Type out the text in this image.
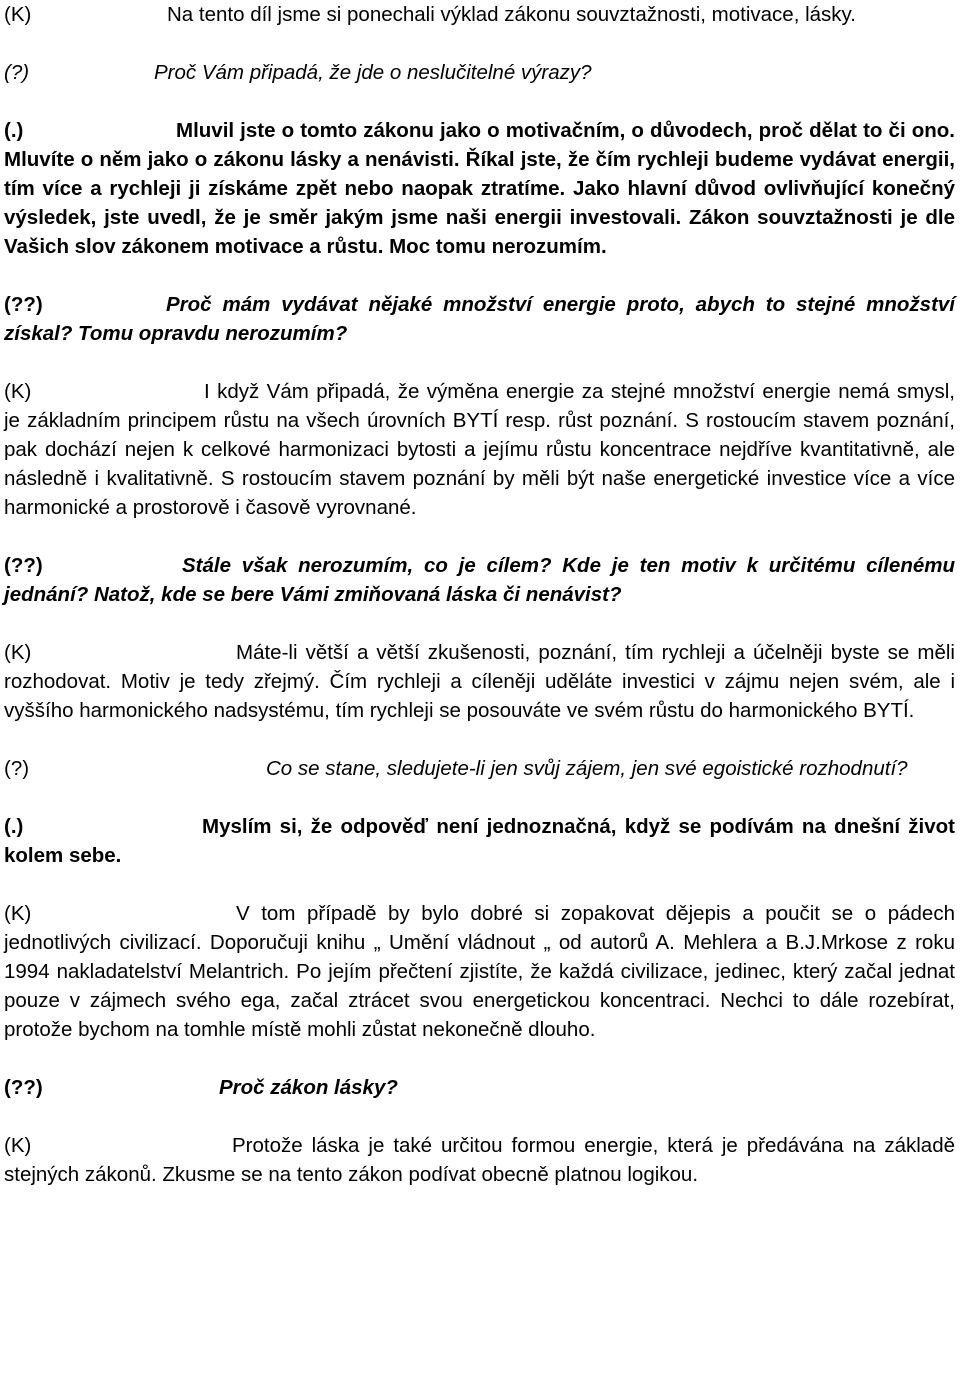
(K)	Na tento díl jsme si ponechali výklad zákonu souvztažnosti, motivace, lásky.

(?)	Proč Vám připadá, že jde o neslučitelné výrazy?

(.)	Mluvil jste o tomto zákonu jako o motivačním, o důvodech, proč dělat to či ono. Mluvíte o něm jako o zákonu lásky a nenávisti. Říkal jste, že čím rychleji budeme vydávat energii, tím více a rychleji ji získáme zpět nebo naopak ztratíme. Jako hlavní důvod ovlivňující konečný výsledek, jste uvedl, že je směr jakým jsme naši energii investovali. Zákon souvztažnosti je dle Vašich slov zákonem motivace a růstu. Moc tomu nerozumím.

(??)	Proč mám vydávat nějaké množství energie proto, abych to stejné množství získal? Tomu opravdu nerozumím?

(K)	I když Vám připadá, že výměna energie za stejné množství energie nemá smysl, je základním principem růstu na všech úrovních BYTÍ resp. růst poznání. S rostoucím stavem poznání, pak dochází nejen k celkové harmonizaci bytosti a jejímu růstu koncentrace nejdříve kvantitativně, ale následně i kvalitativně. S rostoucím stavem poznání by měli být naše energetické investice více a více harmonické a prostorově i časově vyrovnané.

(??)	Stále však nerozumím, co je cílem? Kde je ten motiv k určitému cílenému jednání? Natož, kde se bere Vámi zmiňovaná láska či nenávist?

(K)	Máte-li větší a větší zkušenosti, poznání, tím rychleji a účelněji byste se měli rozhodovat. Motiv je tedy zřejmý. Čím rychleji a cíleněji uděláte investici v zájmu nejen svém, ale i vyššího harmonického nadsystému, tím rychleji se posouváte ve svém růstu do harmonického BYTÍ.

(?)	Co se stane, sledujete-li jen svůj zájem, jen své egoistické rozhodnutí?

(.)	Myslím si, že odpověď není jednoznačná, když se podívám na dnešní život kolem sebe.

(K)	V tom případě by bylo dobré si zopakovat dějepis a poučit se o pádech jednotlivých civilizací. Doporučuji knihu „ Umění vládnout „ od autorů A. Mehlera a B.J.Mrkose z roku 1994 nakladatelství Melantrich. Po jejím přečtení zjistíte, že každá civilizace, jedinec, který začal jednat pouze v zájmech svého ega, začal ztrácet svou energetickou koncentraci. Nechci to dále rozebírat, protože bychom na tomhle místě mohli zůstat nekonečně dlouho.

(??)	Proč zákon lásky?

(K)	Protože láska je také určitou formou energie, která je předávána na základě stejných zákonů. Zkusme se na tento zákon podívat obecně platnou logikou.
